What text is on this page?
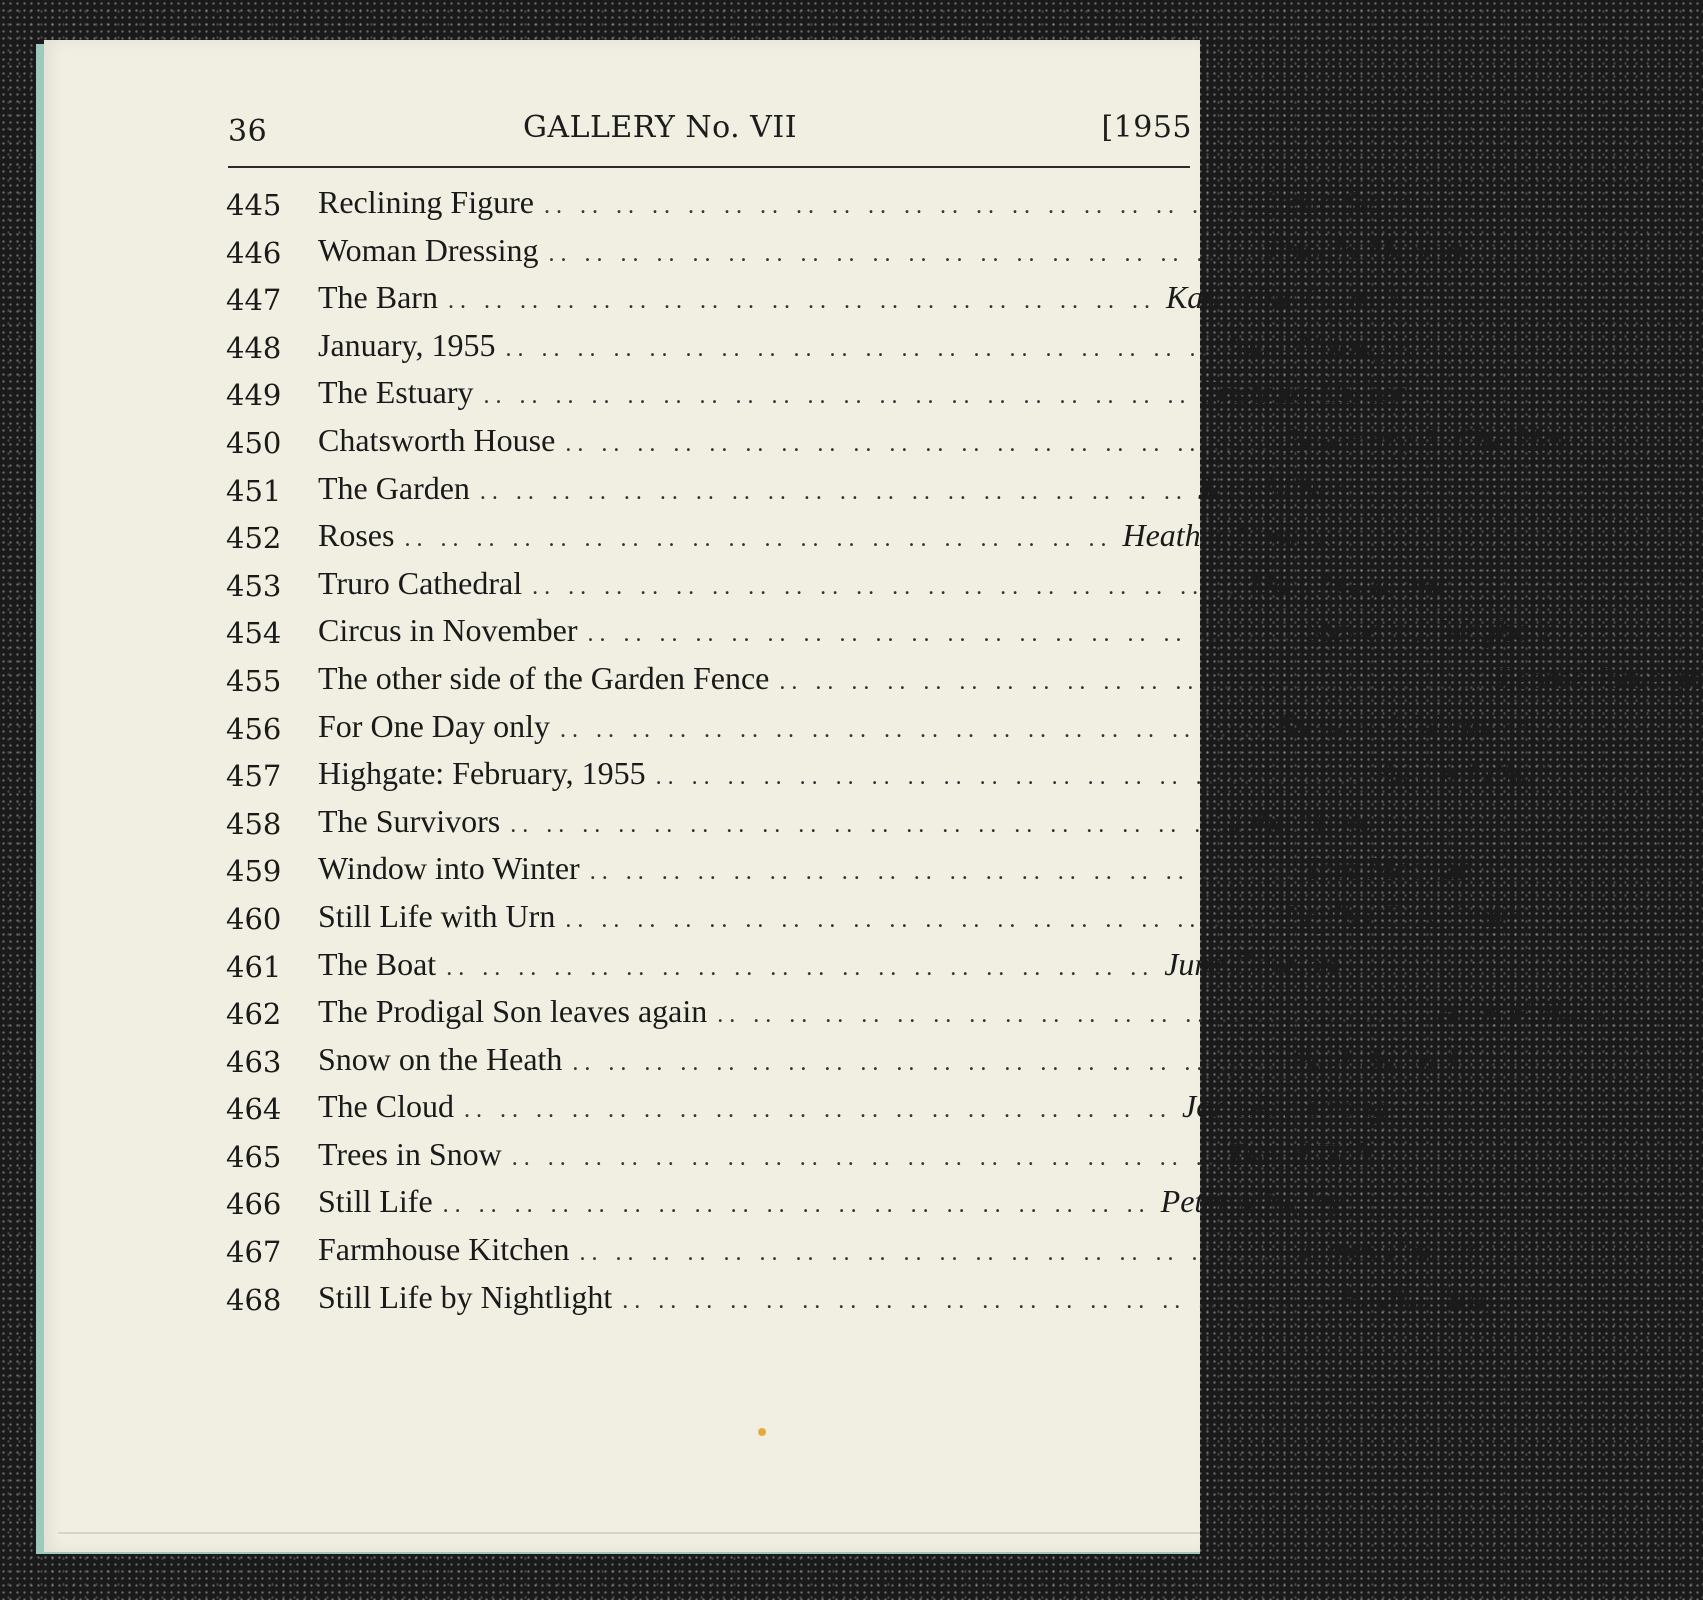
36	GALLERY No. VII	[1955
445 Reclining Figure .. .. .. .. .. .. .. .. .. .. .. .. .. .. .. .. .. .. .. .. Stella Steyn
446 Woman Dressing .. .. .. .. .. .. .. .. .. .. .. .. .. .. .. .. .. .. .. .. Ronald Morton
447 The Barn .. .. .. .. .. .. .. .. .. .. .. .. .. .. .. .. .. .. .. .. Katharine Church
448 January, 1955 .. .. .. .. .. .. .. .. .. .. .. .. .. .. .. .. .. .. .. .. John Aldridge, A.
449 The Estuary .. .. .. .. .. .. .. .. .. .. .. .. .. .. .. .. .. .. .. .. Tristram Hillier
450 Chatsworth House .. .. .. .. .. .. .. .. .. .. .. .. .. .. .. .. .. .. .. .. Rosemary A. Chalkley
451 The Garden .. .. .. .. .. .. .. .. .. .. .. .. .. .. .. .. .. .. .. .. Jack Millar
452 Roses .. .. .. .. .. .. .. .. .. .. .. .. .. .. .. .. .. .. .. .. Heather Copley
453 Truro Cathedral .. .. .. .. .. .. .. .. .. .. .. .. .. .. .. .. .. .. .. .. David Graham
454 Circus in November .. .. .. .. .. .. .. .. .. .. .. .. .. .. .. .. .. .. .. .. Stewart J. Waghorn
455 The other side of the Garden Fence .. .. .. .. .. .. .. .. .. .. .. .. .. .. .. .. .. .. .. .. Leonie Jonleigh
456 For One Day only .. .. .. .. .. .. .. .. .. .. .. .. .. .. .. .. .. .. .. .. Stewart J. Waghorn
457 Highgate: February, 1955 .. .. .. .. .. .. .. .. .. .. .. .. .. .. .. .. .. .. .. .. Richard Platt
458 The Survivors .. .. .. .. .. .. .. .. .. .. .. .. .. .. .. .. .. .. .. .. John Minton
459 Window into Winter .. .. .. .. .. .. .. .. .. .. .. .. .. .. .. .. .. .. .. .. Iain Macnab
460 Still Life with Urn .. .. .. .. .. .. .. .. .. .. .. .. .. .. .. .. .. .. .. .. Phyllis E. A. Smith
461 The Boat .. .. .. .. .. .. .. .. .. .. .. .. .. .. .. .. .. .. .. .. June Dawson
462 The Prodigal Son leaves again .. .. .. .. .. .. .. .. .. .. .. .. .. .. .. .. .. .. .. .. Hans Feibusch
463 Snow on the Heath .. .. .. .. .. .. .. .. .. .. .. .. .. .. .. .. .. .. .. .. Paul Bullard
464 The Cloud .. .. .. .. .. .. .. .. .. .. .. .. .. .. .. .. .. .. .. .. John Armstrong
465 Trees in Snow .. .. .. .. .. .. .. .. .. .. .. .. .. .. .. .. .. .. .. .. David Holt
466 Still Life .. .. .. .. .. .. .. .. .. .. .. .. .. .. .. .. .. .. .. .. Peter Midgley
467 Farmhouse Kitchen .. .. .. .. .. .. .. .. .. .. .. .. .. .. .. .. .. .. .. .. James Palmer
468 Still Life by Nightlight .. .. .. .. .. .. .. .. .. .. .. .. .. .. .. .. .. .. .. .. Phyllis Bray
